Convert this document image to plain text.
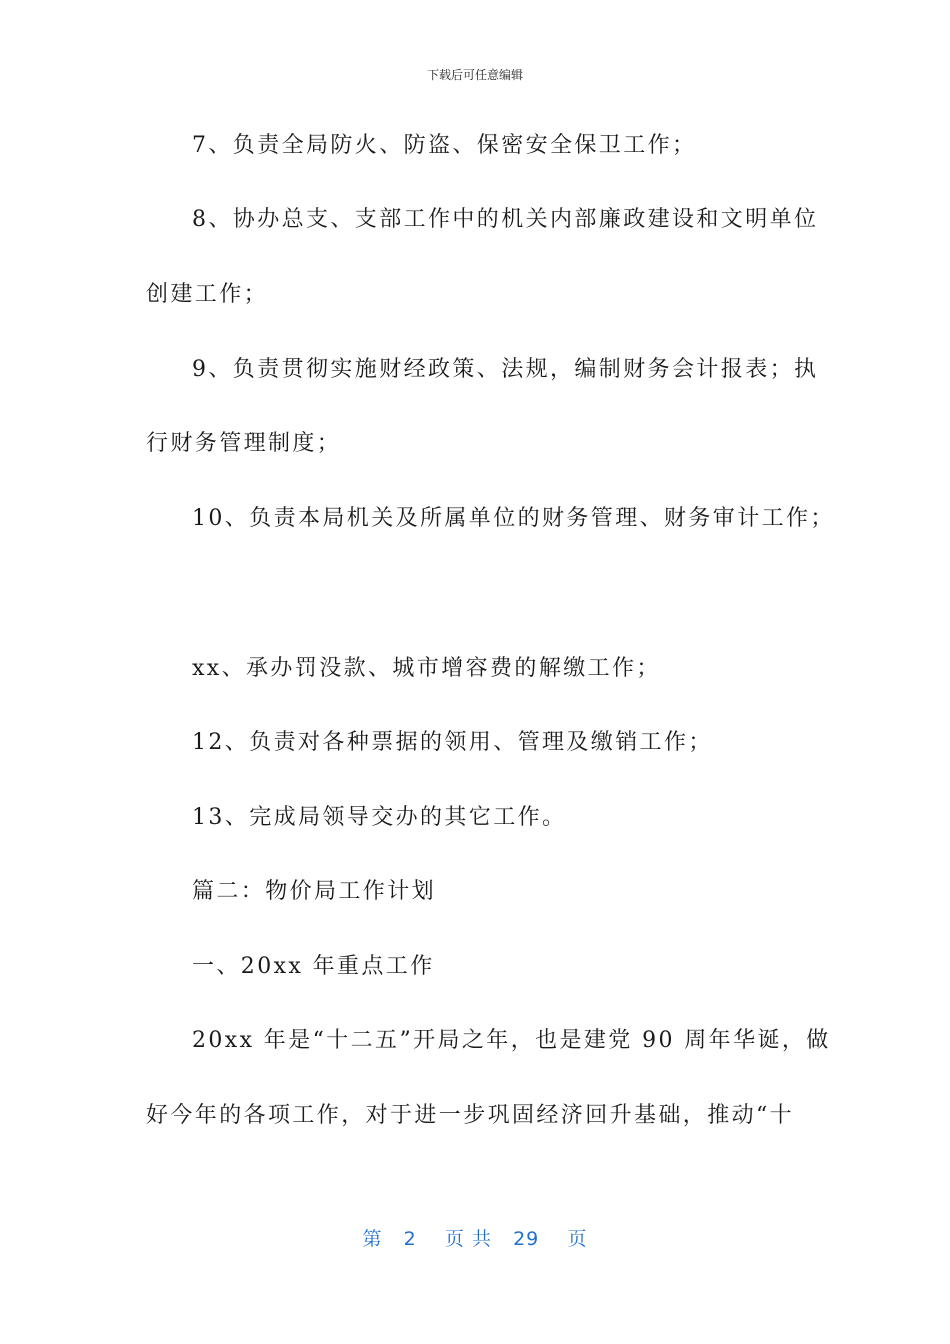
下载后可任意编辑
7、负责全局防火、防盗、保密安全保卫工作；
8、协办总支、支部工作中的机关内部廉政建设和文明单位
创建工作；
9、负责贯彻实施财经政策、法规，编制财务会计报表；执
行财务管理制度；
10、负责本局机关及所属单位的财务管理、财务审计工作；
xx、承办罚没款、城市增容费的解缴工作；
12、负责对各种票据的领用、管理及缴销工作；
13、完成局领导交办的其它工作。
篇二：物价局工作计划
一、20xx 年重点工作
20xx 年是“十二五”开局之年，也是建党 90 周年华诞，做
好今年的各项工作，对于进一步巩固经济回升基础，推动“十
第 2 页 共 29 页
